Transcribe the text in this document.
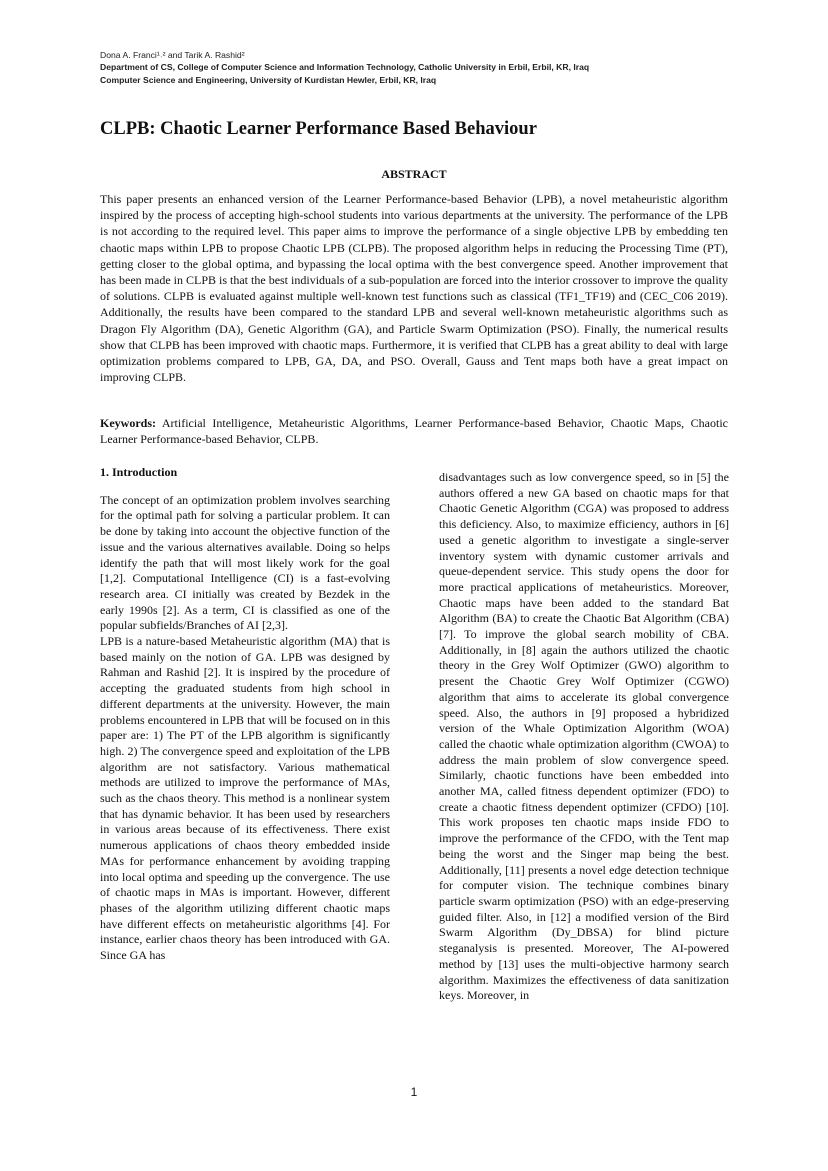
Dona A. Franci¹˒² and Tarik A. Rashid²
Department of CS, College of Computer Science and Information Technology, Catholic University in Erbil, Erbil, KR, Iraq
Computer Science and Engineering, University of Kurdistan Hewler, Erbil, KR, Iraq
CLPB: Chaotic Learner Performance Based Behaviour
ABSTRACT
This paper presents an enhanced version of the Learner Performance-based Behavior (LPB), a novel metaheuristic algorithm inspired by the process of accepting high-school students into various departments at the university. The performance of the LPB is not according to the required level. This paper aims to improve the performance of a single objective LPB by embedding ten chaotic maps within LPB to propose Chaotic LPB (CLPB). The proposed algorithm helps in reducing the Processing Time (PT), getting closer to the global optima, and bypassing the local optima with the best convergence speed. Another improvement that has been made in CLPB is that the best individuals of a sub-population are forced into the interior crossover to improve the quality of solutions. CLPB is evaluated against multiple well-known test functions such as classical (TF1_TF19) and (CEC_C06 2019). Additionally, the results have been compared to the standard LPB and several well-known metaheuristic algorithms such as Dragon Fly Algorithm (DA), Genetic Algorithm (GA), and Particle Swarm Optimization (PSO). Finally, the numerical results show that CLPB has been improved with chaotic maps. Furthermore, it is verified that CLPB has a great ability to deal with large optimization problems compared to LPB, GA, DA, and PSO. Overall, Gauss and Tent maps both have a great impact on improving CLPB.
Keywords: Artificial Intelligence, Metaheuristic Algorithms, Learner Performance-based Behavior, Chaotic Maps, Chaotic Learner Performance-based Behavior, CLPB.

1. Introduction

The concept of an optimization problem involves searching for the optimal path for solving a particular problem. It can be done by taking into account the objective function of the issue and the various alternatives available. Doing so helps identify the path that will most likely work for the goal [1,2]. Computational Intelligence (CI) is a fast-evolving research area. CI initially was created by Bezdek in the early 1990s [2]. As a term, CI is classified as one of the popular subfields/Branches of AI [2,3].

LPB is a nature-based Metaheuristic algorithm (MA) that is based mainly on the notion of GA. LPB was designed by Rahman and Rashid [2]. It is inspired by the procedure of accepting the graduated students from high school in different departments at the university. However, the main problems encountered in LPB that will be focused on in this paper are: 1) The PT of the LPB algorithm is significantly high. 2) The convergence speed and exploitation of the LPB algorithm are not satisfactory. Various mathematical methods are utilized to improve the performance of MAs, such as the chaos theory. This method is a nonlinear system that has dynamic behavior. It has been used by researchers in various areas because of its effectiveness. There exist numerous applications of chaos theory embedded inside MAs for performance enhancement by avoiding trapping into local optima and speeding up the convergence. The use of chaotic maps in MAs is important. However, different phases of the algorithm utilizing different chaotic maps have different effects on metaheuristic algorithms [4]. For instance, earlier chaos theory has been introduced with GA. Since GA has

disadvantages such as low convergence speed, so in [5] the authors offered a new GA based on chaotic maps for that Chaotic Genetic Algorithm (CGA) was proposed to address this deficiency. Also, to maximize efficiency, authors in [6] used a genetic algorithm to investigate a single-server inventory system with dynamic customer arrivals and queue-dependent service. This study opens the door for more practical applications of metaheuristics. Moreover, Chaotic maps have been added to the standard Bat Algorithm (BA) to create the Chaotic Bat Algorithm (CBA) [7]. To improve the global search mobility of CBA. Additionally, in [8] again the authors utilized the chaotic theory in the Grey Wolf Optimizer (GWO) algorithm to present the Chaotic Grey Wolf Optimizer (CGWO) algorithm that aims to accelerate its global convergence speed. Also, the authors in [9] proposed a hybridized version of the Whale Optimization Algorithm (WOA) called the chaotic whale optimization algorithm (CWOA) to address the main problem of slow convergence speed. Similarly, chaotic functions have been embedded into another MA, called fitness dependent optimizer (FDO) to create a chaotic fitness dependent optimizer (CFDO) [10]. This work proposes ten chaotic maps inside FDO to improve the performance of the CFDO, with the Tent map being the worst and the Singer map being the best. Additionally, [11] presents a novel edge detection technique for computer vision. The technique combines binary particle swarm optimization (PSO) with an edge-preserving guided filter. Also, in [12] a modified version of the Bird Swarm Algorithm (Dy_DBSA) for blind picture steganalysis is presented. Moreover, The AI-powered method by [13] uses the multi-objective harmony search algorithm. Maximizes the effectiveness of data sanitization keys. Moreover, in

1
